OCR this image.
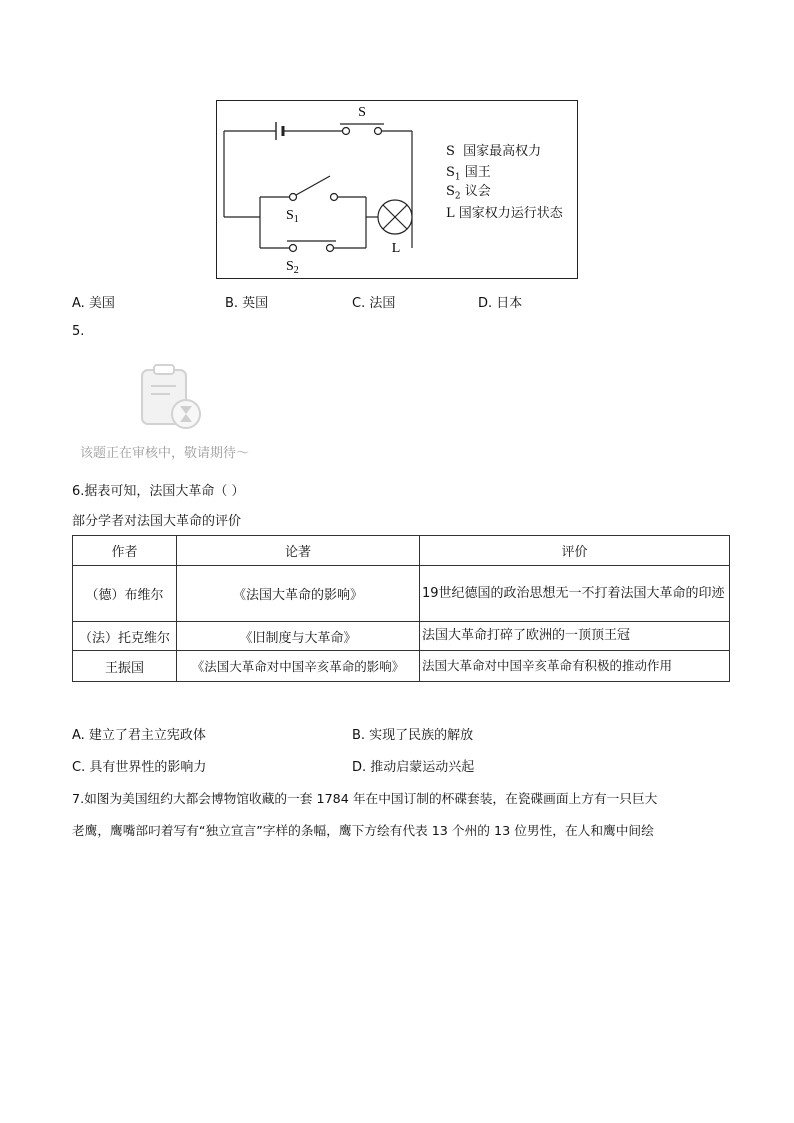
S
$S_1$
$S_2$
L
S 国家最高权力
$S_1$ 国王
$S_2$ 议会
L 国家权力运行状态
A. 美国	B. 英国	C. 法国	D. 日本
5.
该题正在审核中，敬请期待～
6.据表可知，法国大革命（ ）
部分学者对法国大革命的评价
作者	论著	评价
（德）布维尔	《法国大革命的影响》	19世纪德国的政治思想无一不打着法国大革命的印迹
（法）托克维尔	《旧制度与大革命》	法国大革命打碎了欧洲的一顶顶王冠
王振国	《法国大革命对中国辛亥革命的影响》	法国大革命对中国辛亥革命有积极的推动作用
A. 建立了君主立宪政体	B. 实现了民族的解放
C. 具有世界性的影响力	D. 推动启蒙运动兴起
7.如图为美国纽约大都会博物馆收藏的一套 1784 年在中国订制的杯碟套装，在瓷碟画面上方有一只巨大
老鹰，鹰嘴部叼着写有“独立宣言”字样的条幅，鹰下方绘有代表 13 个州的 13 位男性，在人和鹰中间绘
